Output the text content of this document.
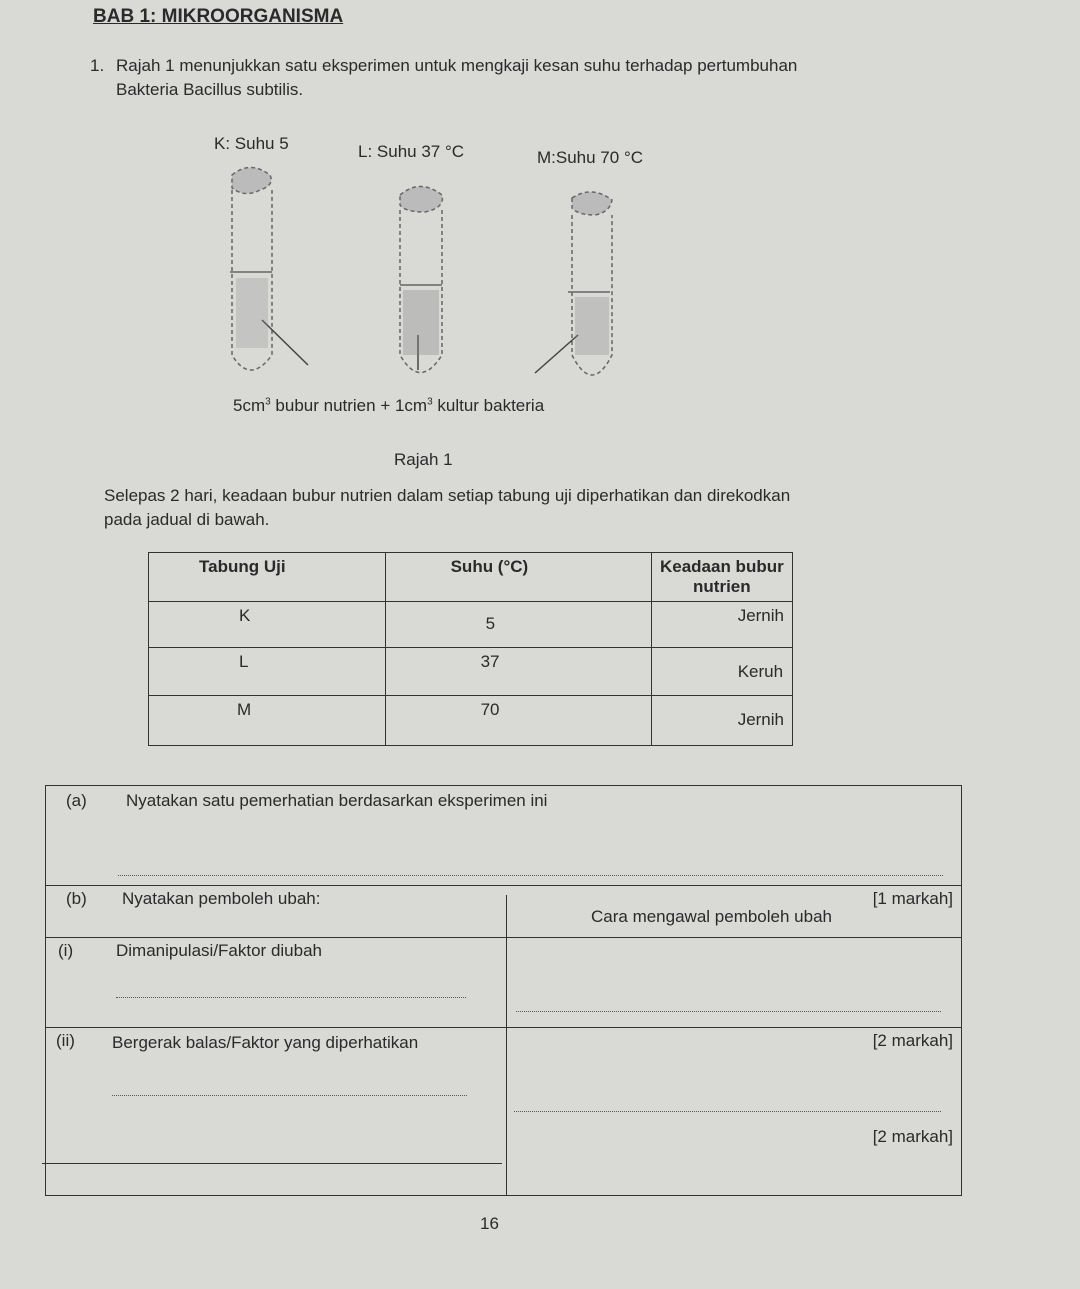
BAB 1: MIKROORGANISMA
1. Rajah 1 menunjukkan satu eksperimen untuk mengkaji kesan suhu terhadap pertumbuhan
Bakteria Bacillus subtilis.
K: Suhu 5	L: Suhu 37 °C	M:Suhu 70 °C
$5cm^3$ bubur nutrien + $1cm^3$ kultur bakteria
Rajah 1
Selepas 2 hari, keadaan bubur nutrien dalam setiap tabung uji diperhatikan dan direkodkan
pada jadual di bawah.
Tabung Uji	Suhu (°C)	Keadaan bubur nutrien
K	5	Jernih
L	37	Keruh
M	70	Jernih
(a) Nyatakan satu pemerhatian berdasarkan eksperimen ini
[1 markah]
(b) Nyatakan pemboleh ubah:
Cara mengawal pemboleh ubah
(i)	Dimanipulasi/Faktor diubah
[2 markah]
(ii) Bergerak balas/Faktor yang diperhatikan
[2 markah]
16
